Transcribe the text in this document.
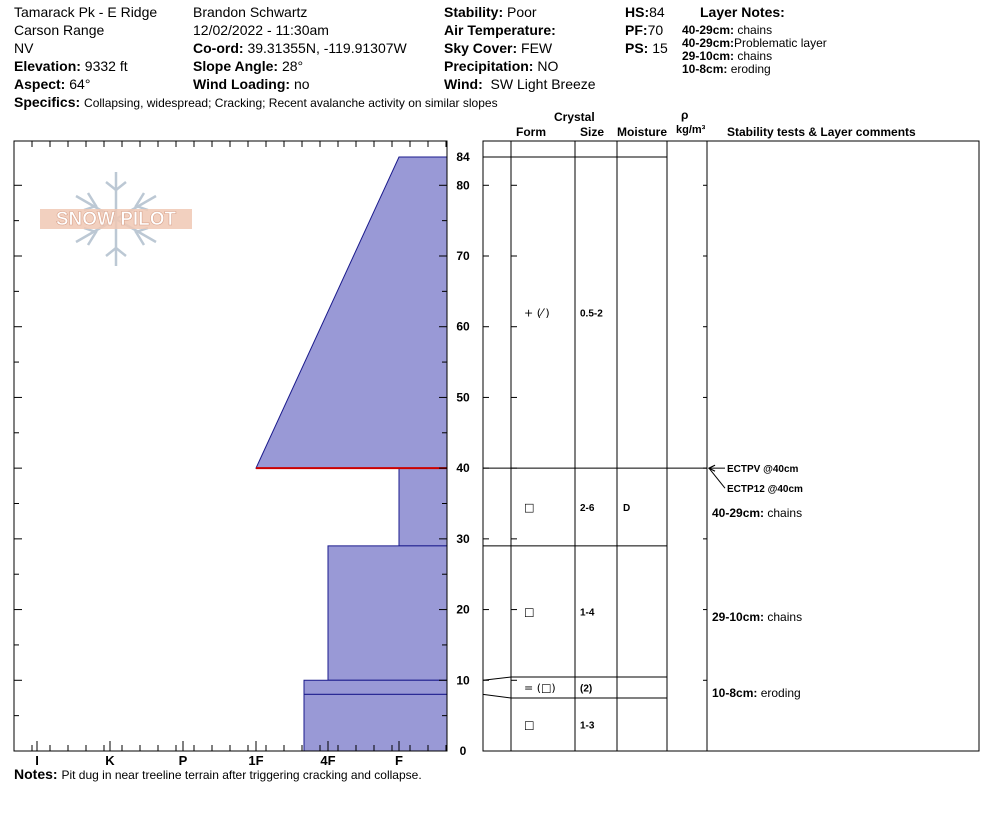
Tamarack Pk - E Ridge
Carson Range
NV
Elevation: 9332 ft
Aspect: 64°
Brandon Schwartz
12/02/2022 - 11:30am
Co-ord: 39.31355N, -119.91307W
Slope Angle: 28°
Wind Loading: no
Stability: Poor
Air Temperature:
Sky Cover: FEW
Precipitation: NO
Wind: SW Light Breeze
HS:84
PF:70
PS: 15
Layer Notes:
40-29cm: chains
40-29cm:Problematic layer
29-10cm: chains
10-8cm: eroding
Specifics: Collapsing, widespread; Cracking; Recent avalanche activity on similar slopes
Crystal
Form	Size Moisture
ρ
kg/m³ Stability tests & Layer comments
SNOW PILOT
I	K	P	1F	4F	F
0
10
20
30
40
50
60
70
80
84
+ (⁄′)	0.5-2
□	2-6	D	40-29cm: chains
□	1-4	29-10cm: chains
= (□) (2)	10-8cm: eroding
□	1-3
ECTPV @40cm
ECTP12 @40cm
Notes: Pit dug in near treeline terrain after triggering cracking and collapse.
